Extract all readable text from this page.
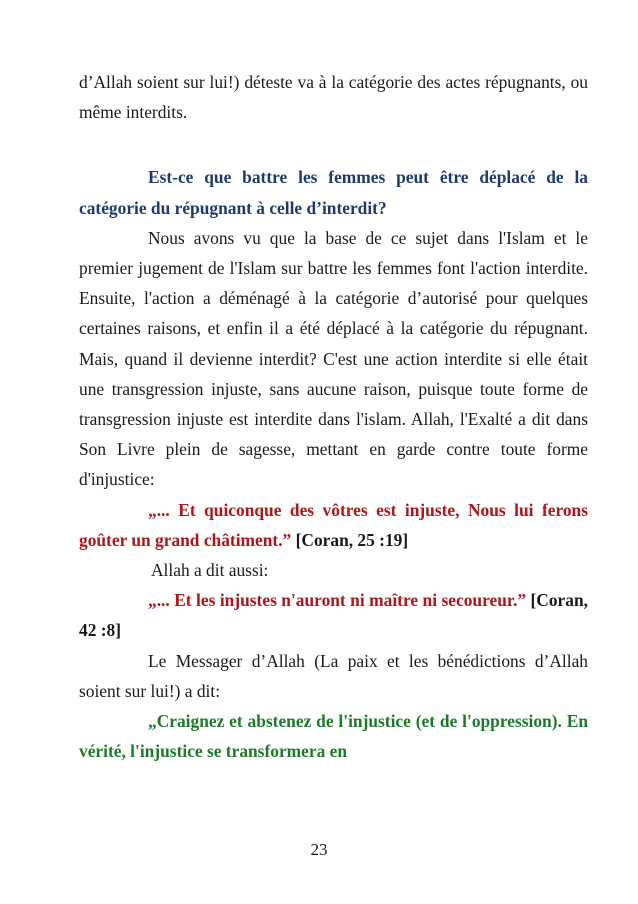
d’Allah soient sur lui!) déteste va à la catégorie des actes répugnants, ou même interdits.

Est-ce que battre les femmes peut être déplacé de la catégorie du répugnant à celle d’interdit?

Nous avons vu que la base de ce sujet dans l'Islam et le premier jugement de l'Islam sur battre les femmes font l'action interdite. Ensuite, l'action a déménagé à la catégorie d’autorisé pour quelques certaines raisons, et enfin il a été déplacé à la catégorie du répugnant. Mais, quand il devienne interdit? C'est une action interdite si elle était une transgression injuste, sans aucune raison, puisque toute forme de transgression injuste est interdite dans l'islam. Allah, l'Exalté a dit dans Son Livre plein de sagesse, mettant en garde contre toute forme d'injustice:

„... Et quiconque des vôtres est injuste, Nous lui ferons goûter un grand châtiment.” [Coran, 25 :19]

Allah a dit aussi:

„... Et les injustes n'auront ni maître ni secoureur.” [Coran, 42 :8]

Le Messager d’Allah (La paix et les bénédictions d’Allah soient sur lui!) a dit:

„Craignez et abstenez de l'injustice (et de l'oppression). En vérité, l'injustice se transformera en

23
